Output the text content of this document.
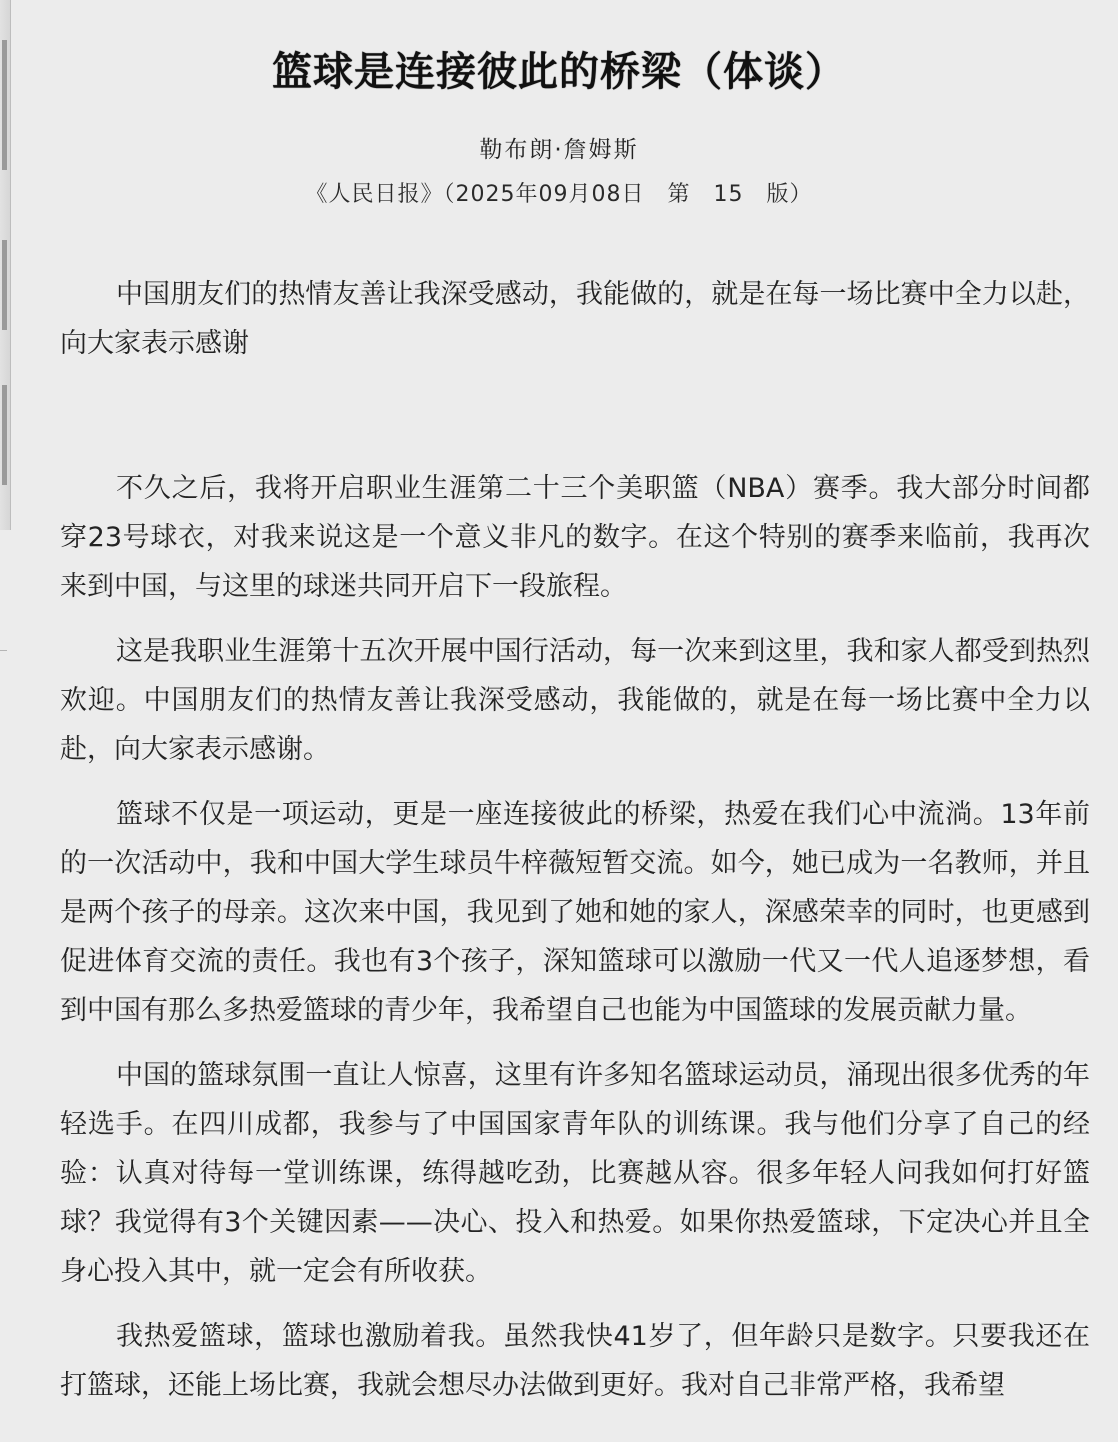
篮球是连接彼此的桥梁（体谈）
勒布朗·詹姆斯
《人民日报》（2025年09月08日　 第　15　版）

中国朋友们的热情友善让我深受感动，我能做的，就是在每一场比赛中全力以赴，向大家表示感谢

不久之后，我将开启职业生涯第二十三个美职篮（NBA）赛季。我大部分时间都穿23号球衣，对我来说这是一个意义非凡的数字。在这个特别的赛季来临前，我再次来到中国，与这里的球迷共同开启下一段旅程。

这是我职业生涯第十五次开展中国行活动，每一次来到这里，我和家人都受到热烈欢迎。中国朋友们的热情友善让我深受感动，我能做的，就是在每一场比赛中全力以赴，向大家表示感谢。

篮球不仅是一项运动，更是一座连接彼此的桥梁，热爱在我们心中流淌。13年前的一次活动中，我和中国大学生球员牛梓薇短暂交流。如今，她已成为一名教师，并且是两个孩子的母亲。这次来中国，我见到了她和她的家人，深感荣幸的同时，也更感到促进体育交流的责任。我也有3个孩子，深知篮球可以激励一代又一代人追逐梦想，看到中国有那么多热爱篮球的青少年，我希望自己也能为中国篮球的发展贡献力量。

中国的篮球氛围一直让人惊喜，这里有许多知名篮球运动员，涌现出很多优秀的年轻选手。在四川成都，我参与了中国国家青年队的训练课。我与他们分享了自己的经验：认真对待每一堂训练课，练得越吃劲，比赛越从容。很多年轻人问我如何打好篮球？我觉得有3个关键因素——决心、投入和热爱。如果你热爱篮球，下定决心并且全身心投入其中，就一定会有所收获。

我热爱篮球，篮球也激励着我。虽然我快41岁了，但年龄只是数字。只要我还在打篮球，还能上场比赛，我就会想尽办法做到更好。我对自己非常严格，我希望
